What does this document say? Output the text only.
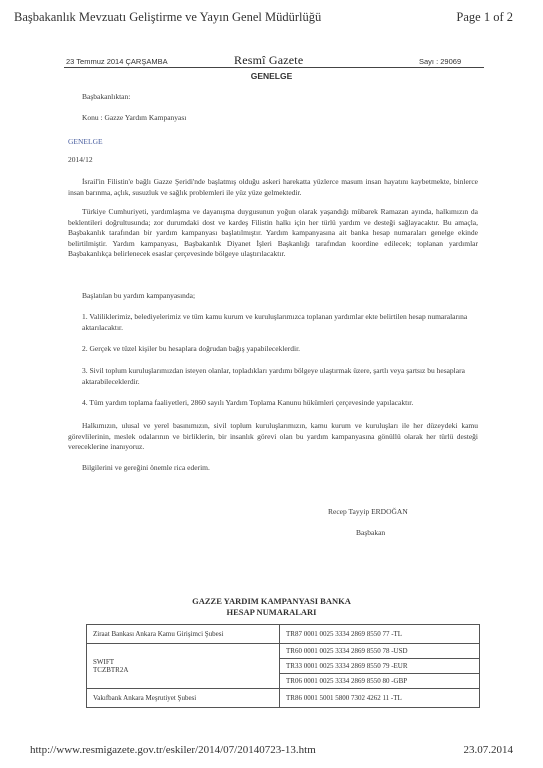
Başbakanlık Mevzuatı Geliştirme ve Yayın Genel Müdürlüğü	Page 1 of 2
23 Temmuz 2014 ÇARŞAMBA	Resmî Gazete	Sayı : 29069
GENELGE
Başbakanlıktan:
Konu : Gazze Yardım Kampanyası
GENELGE
2014/12
İsrail'in Filistin'e bağlı Gazze Şeridi'nde başlatmış olduğu askeri harekatta yüzlerce masum insan hayatını kaybetmekte, binlerce insan barınma, açlık, susuzluk ve sağlık problemleri ile yüz yüze gelmektedir.
Türkiye Cumhuriyeti, yardımlaşma ve dayanışma duygusunun yoğun olarak yaşandığı mübarek Ramazan ayında, halkımızın da beklentileri doğrultusunda; zor durumdaki dost ve kardeş Filistin halkı için her türlü yardım ve desteği sağlayacaktır. Bu amaçla, Başbakanlık tarafından bir yardım kampanyası başlatılmıştır. Yardım kampanyasına ait banka hesap numaraları genelge ekinde belirtilmiştir. Yardım kampanyası, Başbakanlık Diyanet İşleri Başkanlığı tarafından koordine edilecek; toplanan yardımlar Başbakanlıkça belirlenecek esaslar çerçevesinde bölgeye ulaştırılacaktır.
Başlatılan bu yardım kampanyasında;
1. Valiliklerimiz, belediyelerimiz ve tüm kamu kurum ve kuruluşlarımızca toplanan yardımlar ekte belirtilen hesap numaralarına aktarılacaktır.
2. Gerçek ve tüzel kişiler bu hesaplara doğrudan bağış yapabileceklerdir.
3. Sivil toplum kuruluşlarımızdan isteyen olanlar, topladıkları yardımı bölgeye ulaştırmak üzere, şartlı veya şartsız bu hesaplara aktarabileceklerdir.
4. Tüm yardım toplama faaliyetleri, 2860 sayılı Yardım Toplama Kanunu hükümleri çerçevesinde yapılacaktır.
Halkımızın, ulusal ve yerel basınımızın, sivil toplum kuruluşlarımızın, kamu kurum ve kuruluşları ile her düzeydeki kamu görevlilerinin, meslek odalarının ve birliklerin, bir insanlık görevi olan bu yardım kampanyasına gönüllü olarak her türlü desteği vereceklerine inanıyoruz.
Bilgilerini ve gereğini önemle rica ederim.
Recep Tayyip ERDOĞAN
Başbakan
GAZZE YARDIM KAMPANYASI BANKA
HESAP NUMARALARI
Ziraat Bankası Ankara Kamu Girişimci Şubesi	TR87 0001 0025 3334 2869 8550 77 -TL

SWIFT
TCZBTR2A	TR60 0001 0025 3334 2869 8550 78 -USD
	TR33 0001 0025 3334 2869 8550 79 -EUR
	TR06 0001 0025 3334 2869 8550 80 -GBP
Vakıfbank Ankara Meşrutiyet Şubesi	TR86 0001 5001 5800 7302 4262 11 -TL
http://www.resmigazete.gov.tr/eskiler/2014/07/20140723-13.htm	23.07.2014
